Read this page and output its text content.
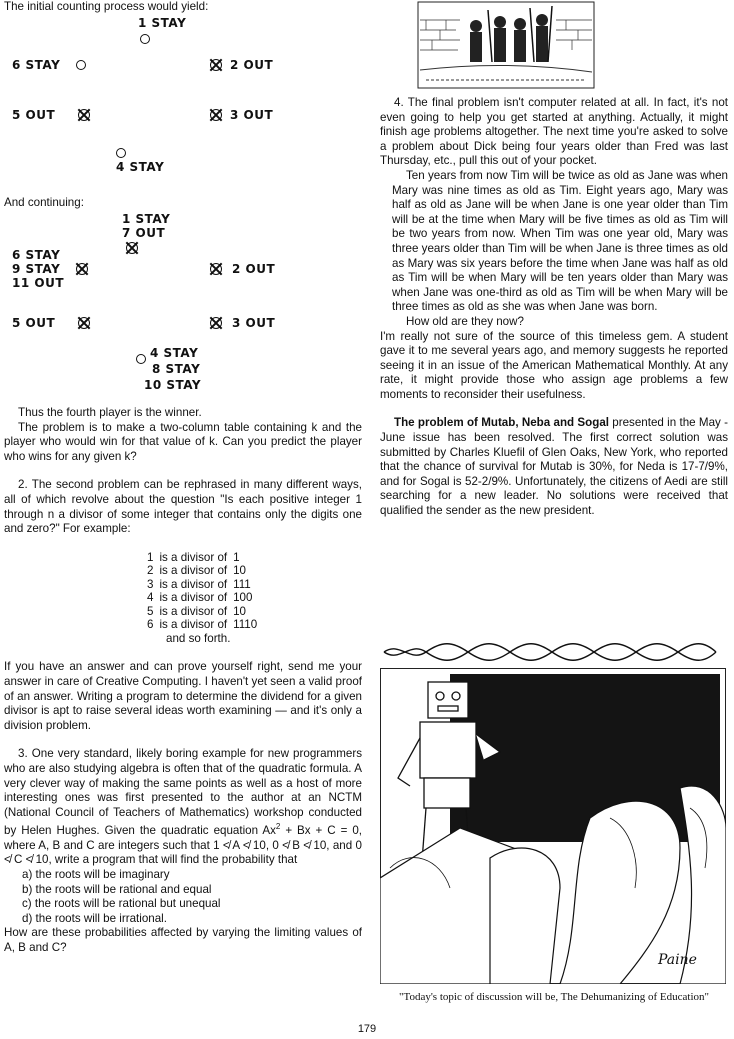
The initial counting process would yield:

1 STAY
6 STAY	2 OUT
5 OUT	3 OUT
4 STAY

And continuing:

1 STAY
7 OUT
6 STAY
9 STAY
11 OUT
2 OUT
5 OUT	3 OUT
4 STAY
8 STAY
10 STAY

Thus the fourth player is the winner.

The problem is to make a two-column table containing k and the player who would win for that value of k. Can you predict the player who wins for any given k?

2. The second problem can be rephrased in many different ways, all of which revolve about the question "Is each positive integer 1 through n a divisor of some integer that contains only the digits one and zero?" For example:

1	is a divisor of	1
2	is a divisor of	10
3	is a divisor of	111
4	is a divisor of	100
5	is a divisor of	10
6	is a divisor of	1110

and so forth.

If you have an answer and can prove yourself right, send me your answer in care of Creative Computing. I haven't yet seen a valid proof of an answer. Writing a program to determine the dividend for a given divisor is apt to raise several ideas worth examining — and it's only a division problem.

3. One very standard, likely boring example for new programmers who are also studying algebra is often that of the quadratic formula. A very clever way of making the same points as well as a host of more interesting ones was first presented to the author at an NCTM (National Council of Teachers of Mathematics) workshop conducted by Helen Hughes. Given the quadratic equation $Ax^2 + Bx + C = 0$, where A, B and C are integers such that 1 ≮ A ≮ 10, 0 ≮ B ≮ 10, and 0 ≮ C ≮ 10, write a program that will find the probability that

a) the roots will be imaginary
b) the roots will be rational and equal
c) the roots will be rational but unequal
d) the roots will be irrational.

How are these probabilities affected by varying the limiting values of A, B and C?

4. The final problem isn't computer related at all. In fact, it's not even going to help you get started at anything. Actually, it might finish age problems altogether. The next time you're asked to solve a problem about Dick being four years older than Fred was last Thursday, etc., pull this out of your pocket.

Ten years from now Tim will be twice as old as Jane was when Mary was nine times as old as Tim. Eight years ago, Mary was half as old as Jane will be when Jane is one year older than Tim will be at the time when Mary will be five times as old as Tim will be two years from now. When Tim was one year old, Mary was three years older than Tim will be when Jane is three times as old as Mary was six years before the time when Jane was half as old as Tim will be when Mary will be ten years older than Mary was when Jane was one-third as old as Tim will be when Mary will be three times as old as she was when Jane was born.

How old are they now?

I'm really not sure of the source of this timeless gem. A student gave it to me several years ago, and memory suggests he reported seeing it in an issue of the American Mathematical Monthly. At any rate, it might provide those who assign age problems a few moments to reconsider their usefulness.

The problem of Mutab, Neba and Sogal presented in the May - June issue has been resolved. The first correct solution was submitted by Charles Kluefil of Glen Oaks, New York, who reported that the chance of survival for Mutab is 30%, for Neda is 17-7/9%, and for Sogal is 52-2/9%. Unfortunately, the citizens of Aedi are still searching for a new leader. No solutions were received that qualified the sender as the new president.

Paine

"Today's topic of discussion will be, The Dehumanizing of Education"

179
